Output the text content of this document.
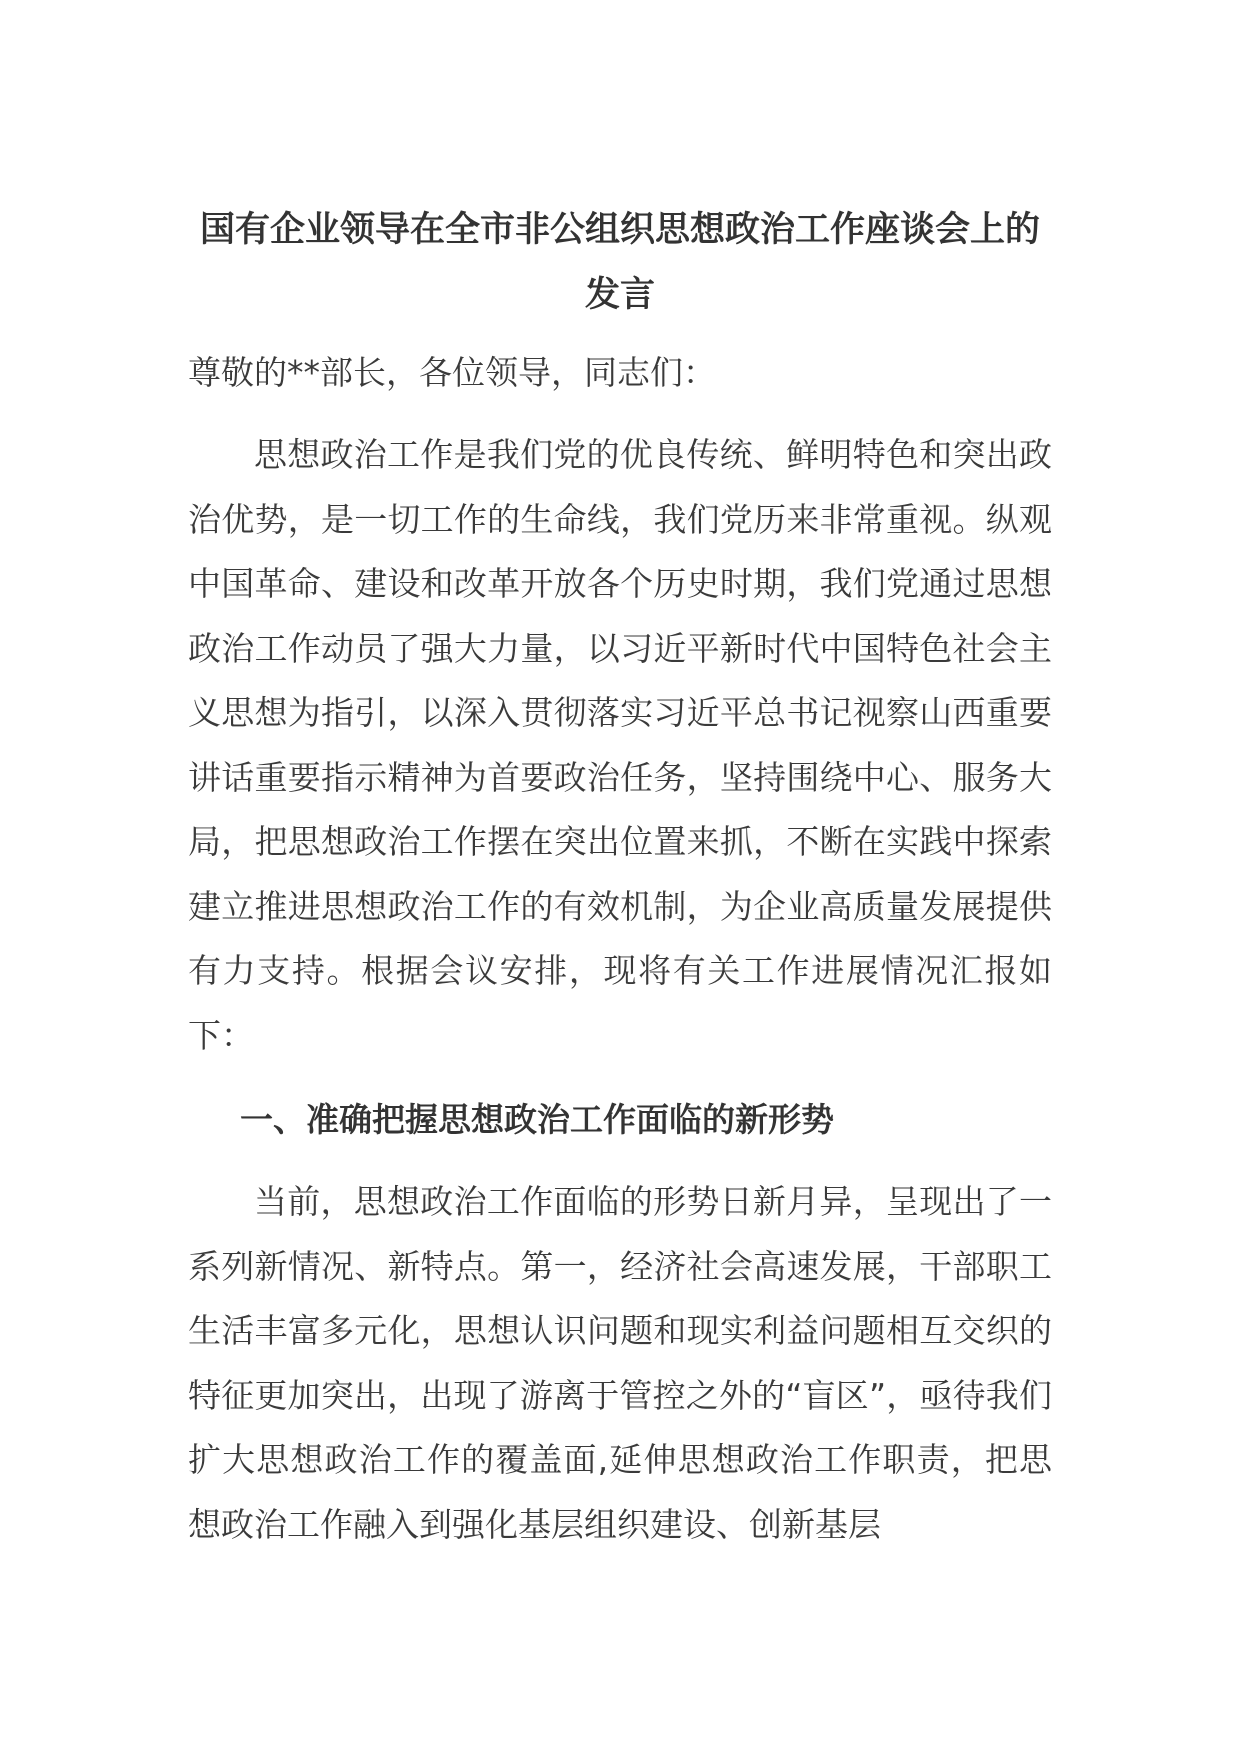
国有企业领导在全市非公组织思想政治工作座谈会上的发言

尊敬的**部长，各位领导，同志们：

思想政治工作是我们党的优良传统、鲜明特色和突出政治优势，是一切工作的生命线，我们党历来非常重视。纵观中国革命、建设和改革开放各个历史时期，我们党通过思想政治工作动员了强大力量，以习近平新时代中国特色社会主义思想为指引，以深入贯彻落实习近平总书记视察山西重要讲话重要指示精神为首要政治任务，坚持围绕中心、服务大局，把思想政治工作摆在突出位置来抓，不断在实践中探索建立推进思想政治工作的有效机制，为企业高质量发展提供有力支持。根据会议安排，现将有关工作进展情况汇报如下：

一、准确把握思想政治工作面临的新形势

当前，思想政治工作面临的形势日新月异，呈现出了一系列新情况、新特点。第一，经济社会高速发展，干部职工生活丰富多元化，思想认识问题和现实利益问题相互交织的特征更加突出，出现了游离于管控之外的“盲区”，亟待我们扩大思想政治工作的覆盖面,延伸思想政治工作职责，把思想政治工作融入到强化基层组织建设、创新基层
